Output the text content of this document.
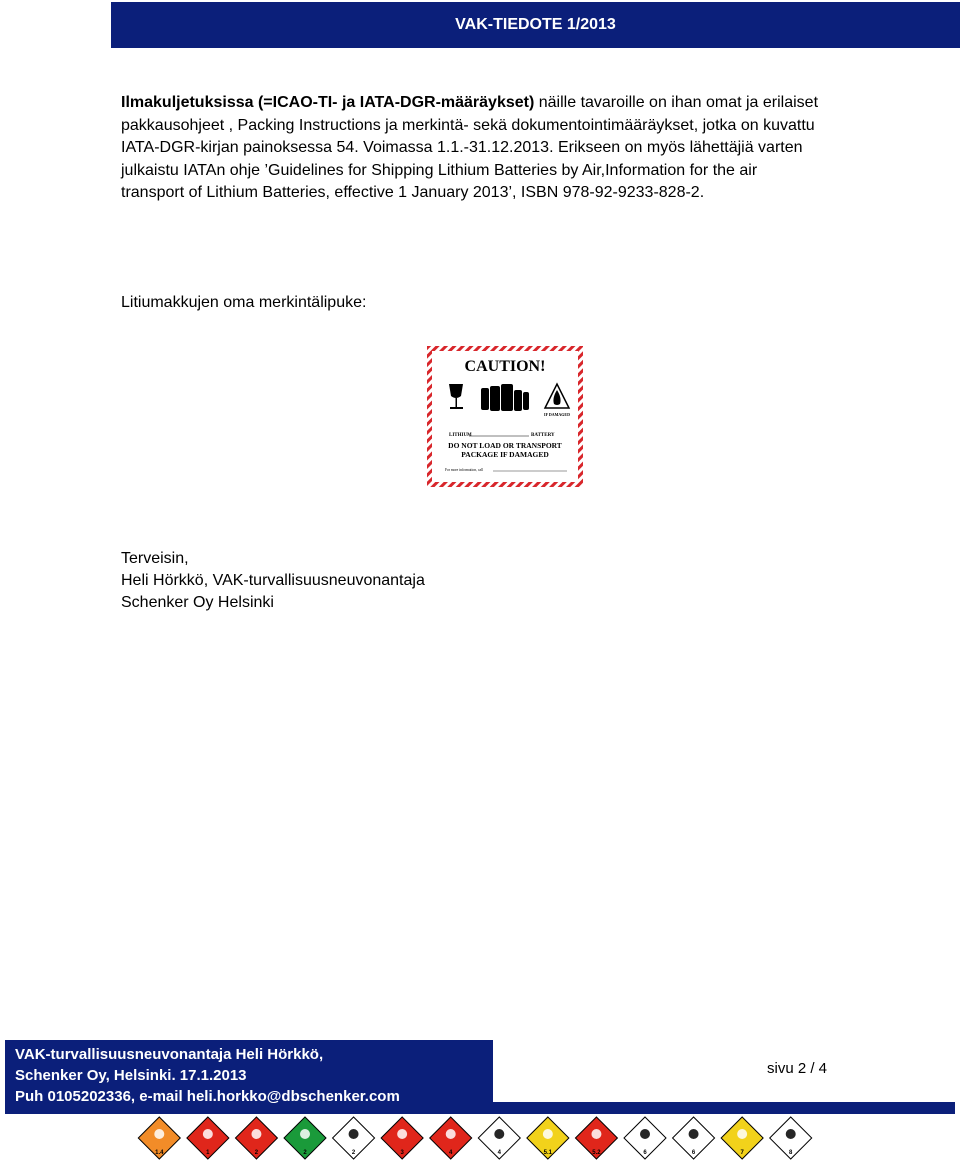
VAK-TIEDOTE 1/2013
Ilmakuljetuksissa (=ICAO-TI- ja IATA-DGR-määräykset) näille tavaroille on ihan omat ja erilaiset pakkausohjeet , Packing Instructions ja merkintä- sekä dokumentointimääräykset, jotka on kuvattu IATA-DGR-kirjan painoksessa 54. Voimassa 1.1.-31.12.2013. Erikseen on myös lähettäjiä varten julkaistu IATAn ohje ’Guidelines for Shipping Lithium Batteries by Air,Information for the air transport of Lithium Batteries, effective 1 January 2013’, ISBN 978-92-9233-828-2.
Litiumakkujen oma merkintälipuke:
CAUTION!
IF DAMAGED
LITHIUM	BATTERY
DO NOT LOAD OR TRANSPORT
PACKAGE IF DAMAGED
For more information, call
Terveisin,
Heli Hörkkö, VAK-turvallisuusneuvonantaja
Schenker Oy Helsinki
VAK-turvallisuusneuvonantaja Heli Hörkkö,
Schenker Oy, Helsinki. 17.1.2013
Puh 0105202336, e-mail heli.horkko@dbschenker.com
sivu 2 / 4
1.4	1	2	2	2	3	4	4	5.1	5.2	6	6	7	8
